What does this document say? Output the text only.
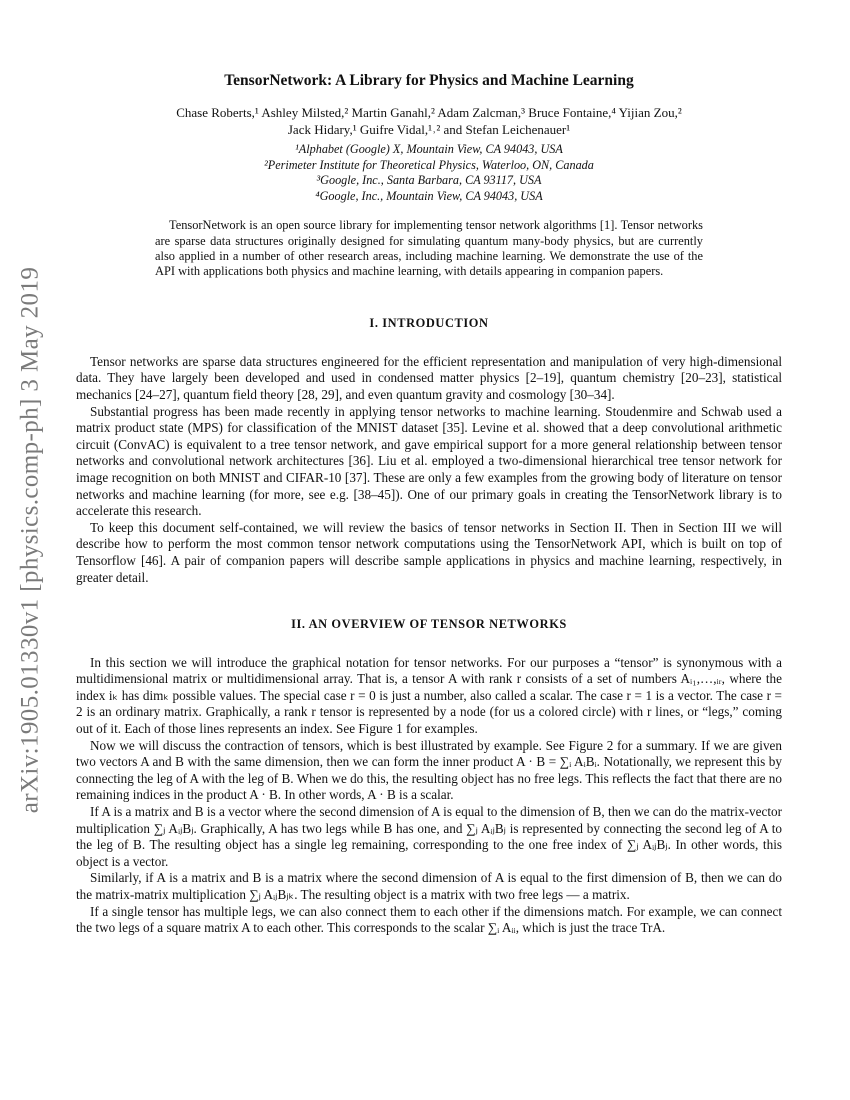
arXiv:1905.01330v1 [physics.comp-ph] 3 May 2019
TensorNetwork: A Library for Physics and Machine Learning
Chase Roberts,¹ Ashley Milsted,² Martin Ganahl,² Adam Zalcman,³ Bruce Fontaine,⁴ Yijian Zou,² Jack Hidary,¹ Guifre Vidal,¹˒² and Stefan Leichenauer¹
¹Alphabet (Google) X, Mountain View, CA 94043, USA
²Perimeter Institute for Theoretical Physics, Waterloo, ON, Canada
³Google, Inc., Santa Barbara, CA 93117, USA
⁴Google, Inc., Mountain View, CA 94043, USA

TensorNetwork is an open source library for implementing tensor network algorithms [1]. Tensor networks are sparse data structures originally designed for simulating quantum many-body physics, but are currently also applied in a number of other research areas, including machine learning. We demonstrate the use of the API with applications both physics and machine learning, with details appearing in companion papers.

I. INTRODUCTION

Tensor networks are sparse data structures engineered for the efficient representation and manipulation of very high-dimensional data. They have largely been developed and used in condensed matter physics [2–19], quantum chemistry [20–23], statistical mechanics [24–27], quantum field theory [28, 29], and even quantum gravity and cosmology [30–34].

Substantial progress has been made recently in applying tensor networks to machine learning. Stoudenmire and Schwab used a matrix product state (MPS) for classification of the MNIST dataset [35]. Levine et al. showed that a deep convolutional arithmetic circuit (ConvAC) is equivalent to a tree tensor network, and gave empirical support for a more general relationship between tensor networks and convolutional network architectures [36]. Liu et al. employed a two-dimensional hierarchical tree tensor network for image recognition on both MNIST and CIFAR-10 [37]. These are only a few examples from the growing body of literature on tensor networks and machine learning (for more, see e.g. [38–45]). One of our primary goals in creating the TensorNetwork library is to accelerate this research.

To keep this document self-contained, we will review the basics of tensor networks in Section II. Then in Section III we will describe how to perform the most common tensor network computations using the TensorNetwork API, which is built on top of Tensorflow [46]. A pair of companion papers will describe sample applications in physics and machine learning, respectively, in greater detail.

II. AN OVERVIEW OF TENSOR NETWORKS

In this section we will introduce the graphical notation for tensor networks. For our purposes a “tensor” is synonymous with a multidimensional matrix or multidimensional array. That is, a tensor A with rank r consists of a set of numbers Aᵢ₁,…,ᵢᵣ, where the index iₖ has dimₖ possible values. The special case r = 0 is just a number, also called a scalar. The case r = 1 is a vector. The case r = 2 is an ordinary matrix. Graphically, a rank r tensor is represented by a node (for us a colored circle) with r lines, or “legs,” coming out of it. Each of those lines represents an index. See Figure 1 for examples.

Now we will discuss the contraction of tensors, which is best illustrated by example. See Figure 2 for a summary. If we are given two vectors A and B with the same dimension, then we can form the inner product A · B = ∑ᵢ AᵢBᵢ. Notationally, we represent this by connecting the leg of A with the leg of B. When we do this, the resulting object has no free legs. This reflects the fact that there are no remaining indices in the product A · B. In other words, A · B is a scalar.

If A is a matrix and B is a vector where the second dimension of A is equal to the dimension of B, then we can do the matrix-vector multiplication ∑ⱼ AᵢⱼBⱼ. Graphically, A has two legs while B has one, and ∑ⱼ AᵢⱼBⱼ is represented by connecting the second leg of A to the leg of B. The resulting object has a single leg remaining, corresponding to the one free index of ∑ⱼ AᵢⱼBⱼ. In other words, this object is a vector.

Similarly, if A is a matrix and B is a matrix where the second dimension of A is equal to the first dimension of B, then we can do the matrix-matrix multiplication ∑ⱼ AᵢⱼBⱼₖ. The resulting object is a matrix with two free legs — a matrix.

If a single tensor has multiple legs, we can also connect them to each other if the dimensions match. For example, we can connect the two legs of a square matrix A to each other. This corresponds to the scalar ∑ᵢ Aᵢᵢ, which is just the trace TrA.
